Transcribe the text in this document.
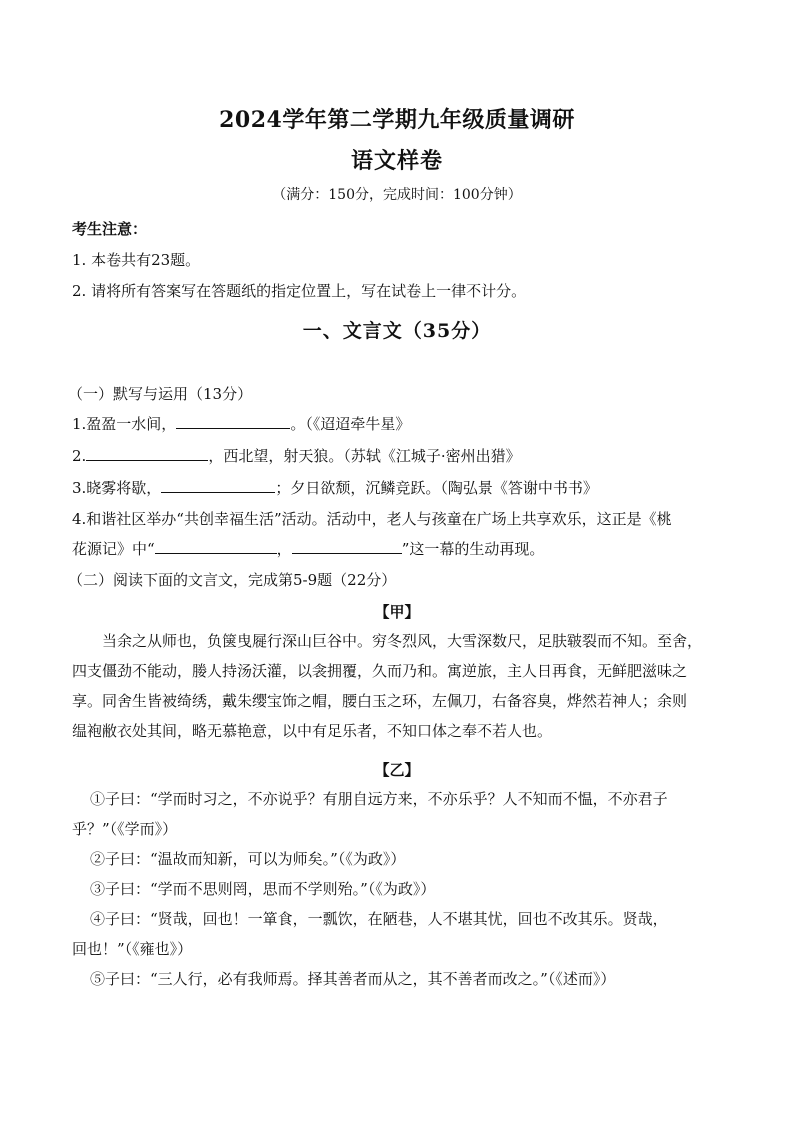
2024学年第二学期九年级质量调研
语文样卷
（满分：150分，完成时间：100分钟）
考生注意：
1. 本卷共有23题。
2. 请将所有答案写在答题纸的指定位置上，写在试卷上一律不计分。
一、文言文（35分）
（一）默写与运用（13分）
1.盈盈一水间，	。（《迢迢牵牛星》
2.	，西北望，射天狼。（苏轼《江城子·密州出猎》
3.晓雾将歇，	；夕日欲颓，沉鳞竞跃。（陶弘景《答谢中书书》
4.和谐社区举办“共创幸福生活”活动。活动中，老人与孩童在广场上共享欢乐，这正是《桃
花源记》中“	，	”这一幕的生动再现。
（二）阅读下面的文言文，完成第5-9题（22分）
【甲】
当余之从师也，负箧曳屣行深山巨谷中。穷冬烈风，大雪深数尺，足肤皲裂而不知。至舍，
四支僵劲不能动，媵人持汤沃灌，以衾拥覆，久而乃和。寓逆旅，主人日再食，无鲜肥滋味之
享。同舍生皆被绮绣，戴朱缨宝饰之帽，腰白玉之环，左佩刀，右备容臭，烨然若神人；余则
缊袍敝衣处其间，略无慕艳意，以中有足乐者，不知口体之奉不若人也。
【乙】
①子曰：“学而时习之，不亦说乎？有朋自远方来，不亦乐乎？人不知而不愠，不亦君子
乎？”（《学而》）
②子曰：“温故而知新，可以为师矣。”（《为政》）
③子曰：“学而不思则罔，思而不学则殆。”（《为政》）
④子曰：“贤哉，回也！一箪食，一瓢饮，在陋巷，人不堪其忧，回也不改其乐。贤哉，
回也！”（《雍也》）
⑤子曰：“三人行，必有我师焉。择其善者而从之，其不善者而改之。”（《述而》）
